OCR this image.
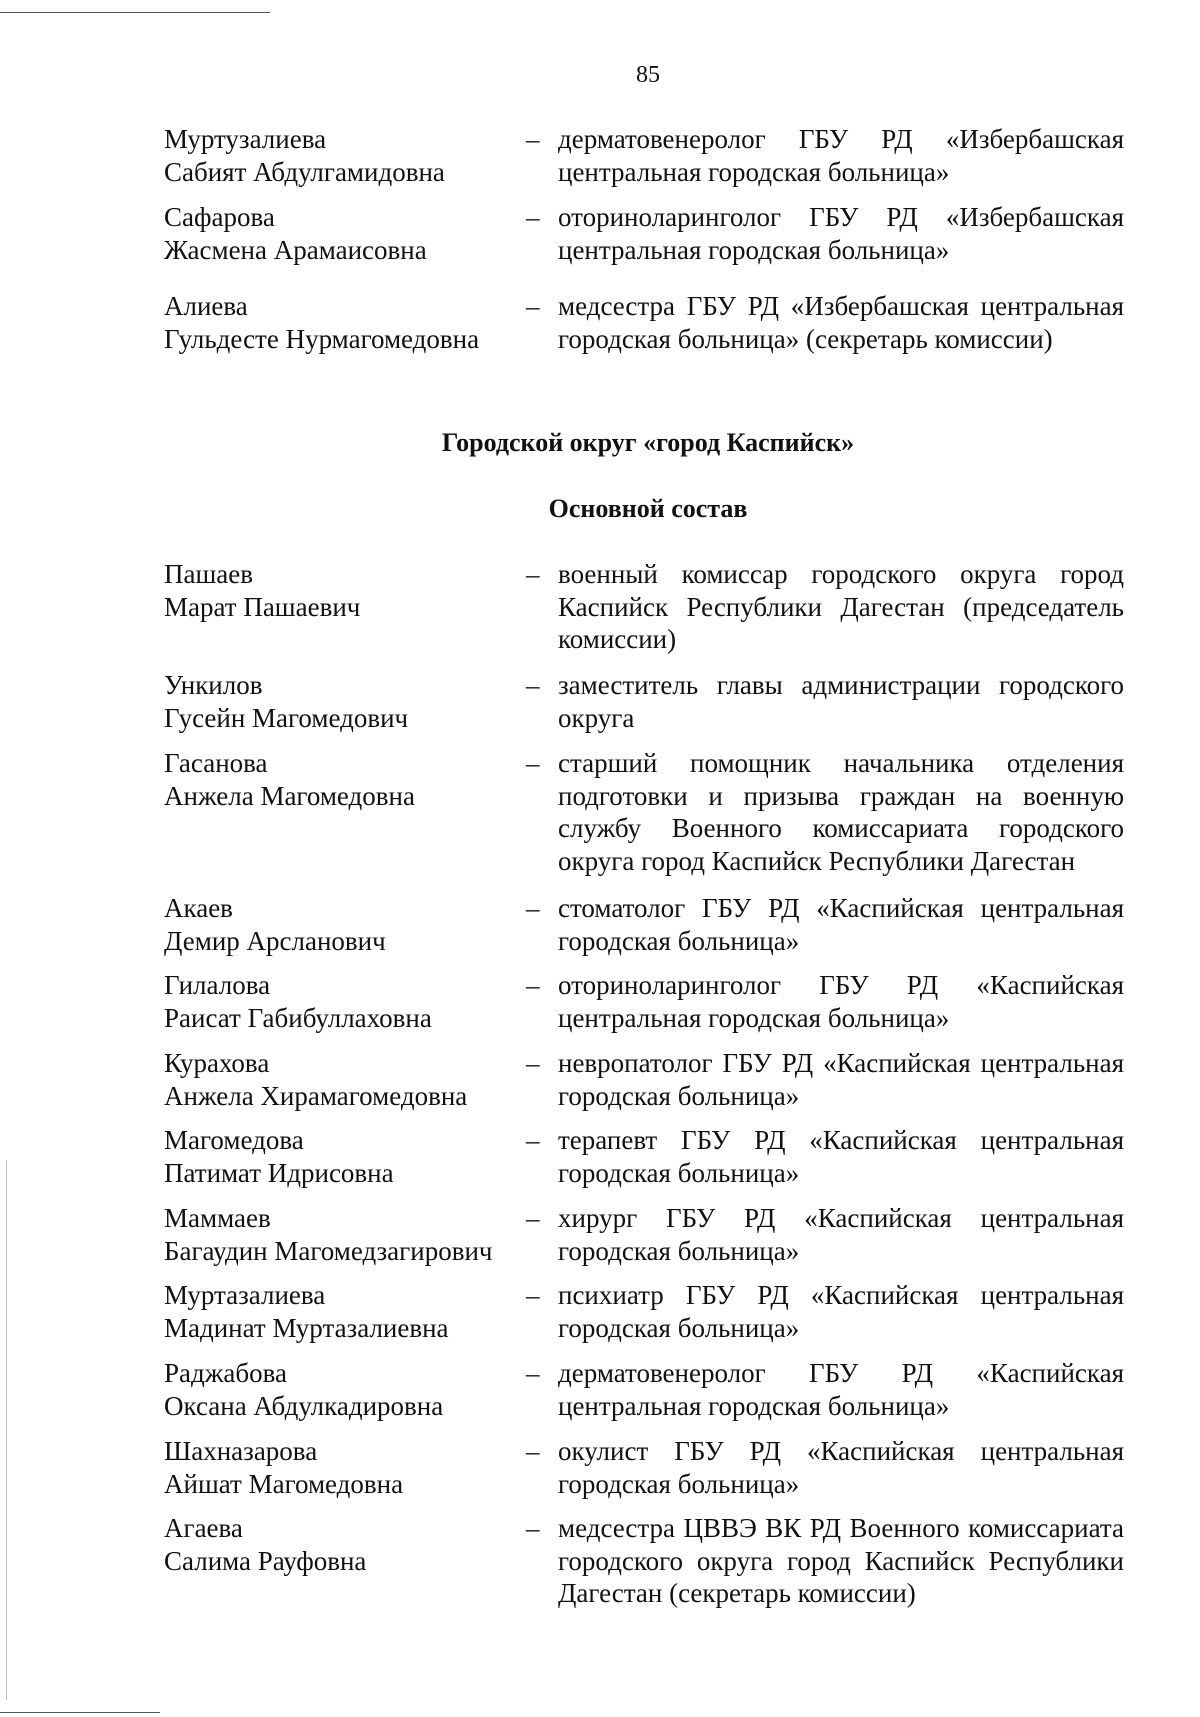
85
Муртузалиева
Сабият Абдулгамидовна
– дерматовенеролог ГБУ РД «Избербашская центральная городская больница»
Сафарова
Жасмена Арамаисовна
– оториноларинголог ГБУ РД «Избербашская центральная городская больница»
Алиева
Гульдесте Нурмагомедовна
– медсестра ГБУ РД «Избербашская центральная городская больница» (секретарь комиссии)
Городской округ «город Каспийск»
Основной состав
Пашаев
Марат Пашаевич
– военный комиссар городского округа город Каспийск Республики Дагестан (председатель комиссии)
Ункилов
Гусейн Магомедович
– заместитель главы администрации городского округа
Гасанова
Анжела Магомедовна
– старший помощник начальника отделения подготовки и призыва граждан на военную службу Военного комиссариата городского округа город Каспийск Республики Дагестан
Акаев
Демир Арсланович
– стоматолог ГБУ РД «Каспийская центральная городская больница»
Гилалова
Раисат Габибуллаховна
– оториноларинголог ГБУ РД «Каспийская центральная городская больница»
Курахова
Анжела Хирамагомедовна
– невропатолог ГБУ РД «Каспийская центральная городская больница»
Магомедова
Патимат Идрисовна
– терапевт ГБУ РД «Каспийская центральная городская больница»
Маммаев
Багаудин Магомедзагирович
– хирург ГБУ РД «Каспийская центральная городская больница»
Муртазалиева
Мадинат Муртазалиевна
– психиатр ГБУ РД «Каспийская центральная городская больница»
Раджабова
Оксана Абдулкадировна
– дерматовенеролог ГБУ РД «Каспийская центральная городская больница»
Шахназарова
Айшат Магомедовна
– окулист ГБУ РД «Каспийская центральная городская больница»
Агаева
Салима Рауфовна
– медсестра ЦВВЭ ВК РД Военного комиссариата городского округа город Каспийск Республики Дагестан (секретарь комиссии)
